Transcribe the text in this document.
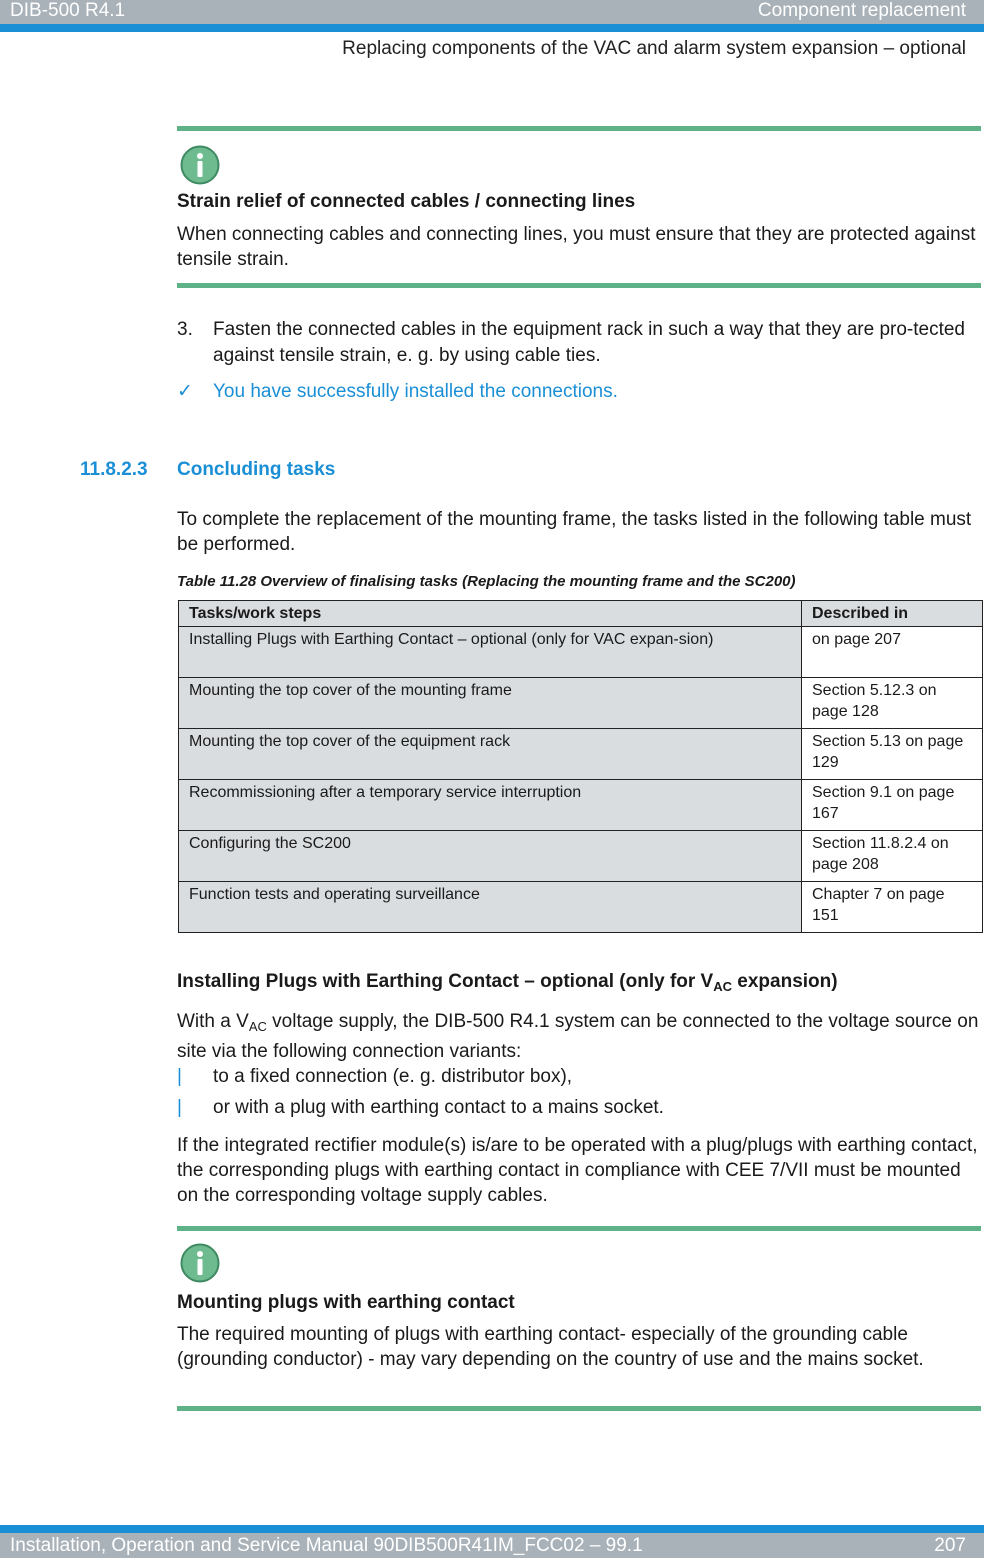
DIB-500 R4.1	Component replacement
Replacing components of the VAC and alarm system expansion – optional
Strain relief of connected cables / connecting lines
When connecting cables and connecting lines, you must ensure that they are protected against tensile strain.
3. Fasten the connected cables in the equipment rack in such a way that they are pro-tected against tensile strain, e. g. by using cable ties.
✓ You have successfully installed the connections.
11.8.2.3 Concluding tasks
To complete the replacement of the mounting frame, the tasks listed in the following table must be performed.
Table 11.28 Overview of finalising tasks (Replacing the mounting frame and the SC200)
Tasks/work steps	Described in
Installing Plugs with Earthing Contact – optional (only for VAC expan-sion)	on page 207
Mounting the top cover of the mounting frame	Section 5.12.3 on page 128
Mounting the top cover of the equipment rack	Section 5.13 on page 129
Recommissioning after a temporary service interruption	Section 9.1 on page 167
Configuring the SC200	Section 11.8.2.4 on page 208
Function tests and operating surveillance	Chapter 7 on page 151
Installing Plugs with Earthing Contact – optional (only for $V_{AC}$ expansion)
With a $V_{AC}$ voltage supply, the DIB-500 R4.1 system can be connected to the voltage source on site via the following connection variants:
| to a fixed connection (e. g. distributor box),
| or with a plug with earthing contact to a mains socket.
If the integrated rectifier module(s) is/are to be operated with a plug/plugs with earthing contact, the corresponding plugs with earthing contact in compliance with CEE 7/VII must be mounted on the corresponding voltage supply cables.
Mounting plugs with earthing contact
The required mounting of plugs with earthing contact- especially of the grounding cable (grounding conductor) - may vary depending on the country of use and the mains socket.
Installation, Operation and Service Manual 90DIB500R41IM_FCC02 – 99.1	207
